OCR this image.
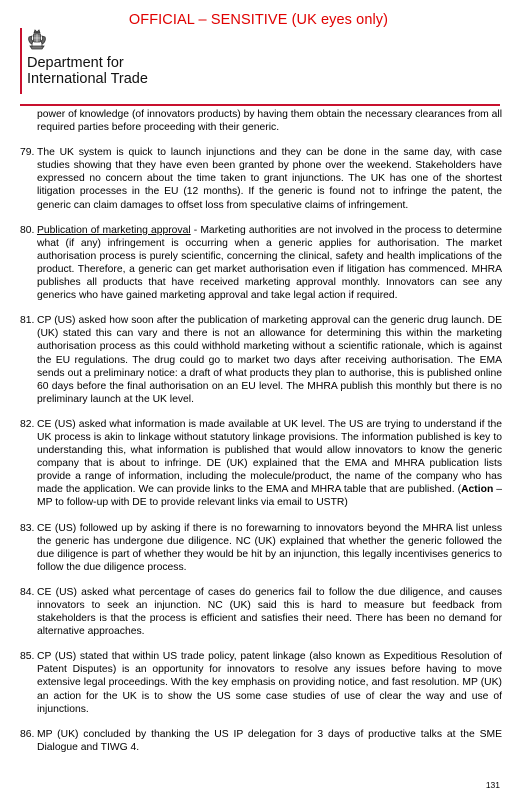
OFFICIAL – SENSITIVE (UK eyes only)
Department for
International Trade

power of knowledge (of innovators products) by having them obtain the necessary clearances from all required parties before proceeding with their generic.

79. The UK system is quick to launch injunctions and they can be done in the same day, with case studies showing that they have even been granted by phone over the weekend. Stakeholders have expressed no concern about the time taken to grant injunctions. The UK has one of the shortest litigation processes in the EU (12 months). If the generic is found not to infringe the patent, the generic can claim damages to offset loss from speculative claims of infringement.

80. Publication of marketing approval - Marketing authorities are not involved in the process to determine what (if any) infringement is occurring when a generic applies for authorisation. The market authorisation process is purely scientific, concerning the clinical, safety and health implications of the product. Therefore, a generic can get market authorisation even if litigation has commenced. MHRA publishes all products that have received marketing approval monthly. Innovators can see any generics who have gained marketing approval and take legal action if required.

81. CP (US) asked how soon after the publication of marketing approval can the generic drug launch. DE (UK) stated this can vary and there is not an allowance for determining this within the marketing authorisation process as this could withhold marketing without a scientific rationale, which is against the EU regulations. The drug could go to market two days after receiving authorisation. The EMA sends out a preliminary notice: a draft of what products they plan to authorise, this is published online 60 days before the final authorisation on an EU level. The MHRA publish this monthly but there is no preliminary launch at the UK level.

82. CE (US) asked what information is made available at UK level. The US are trying to understand if the UK process is akin to linkage without statutory linkage provisions. The information published is key to understanding this, what information is published that would allow innovators to know the generic company that is about to infringe. DE (UK) explained that the EMA and MHRA publication lists provide a range of information, including the molecule/product, the name of the company who has made the application. We can provide links to the EMA and MHRA table that are published. (Action – MP to follow-up with DE to provide relevant links via email to USTR)

83. CE (US) followed up by asking if there is no forewarning to innovators beyond the MHRA list unless the generic has undergone due diligence. NC (UK) explained that whether the generic followed the due diligence is part of whether they would be hit by an injunction, this legally incentivises generics to follow the due diligence process.

84. CE (US) asked what percentage of cases do generics fail to follow the due diligence, and causes innovators to seek an injunction. NC (UK) said this is hard to measure but feedback from stakeholders is that the process is efficient and satisfies their need. There has been no demand for alternative approaches.

85. CP (US) stated that within US trade policy, patent linkage (also known as Expeditious Resolution of Patent Disputes) is an opportunity for innovators to resolve any issues before having to move extensive legal proceedings. With the key emphasis on providing notice, and fast resolution. MP (UK) an action for the UK is to show the US some case studies of use of clear the way and use of injunctions.

86. MP (UK) concluded by thanking the US IP delegation for 3 days of productive talks at the SME Dialogue and TIWG 4.

131
